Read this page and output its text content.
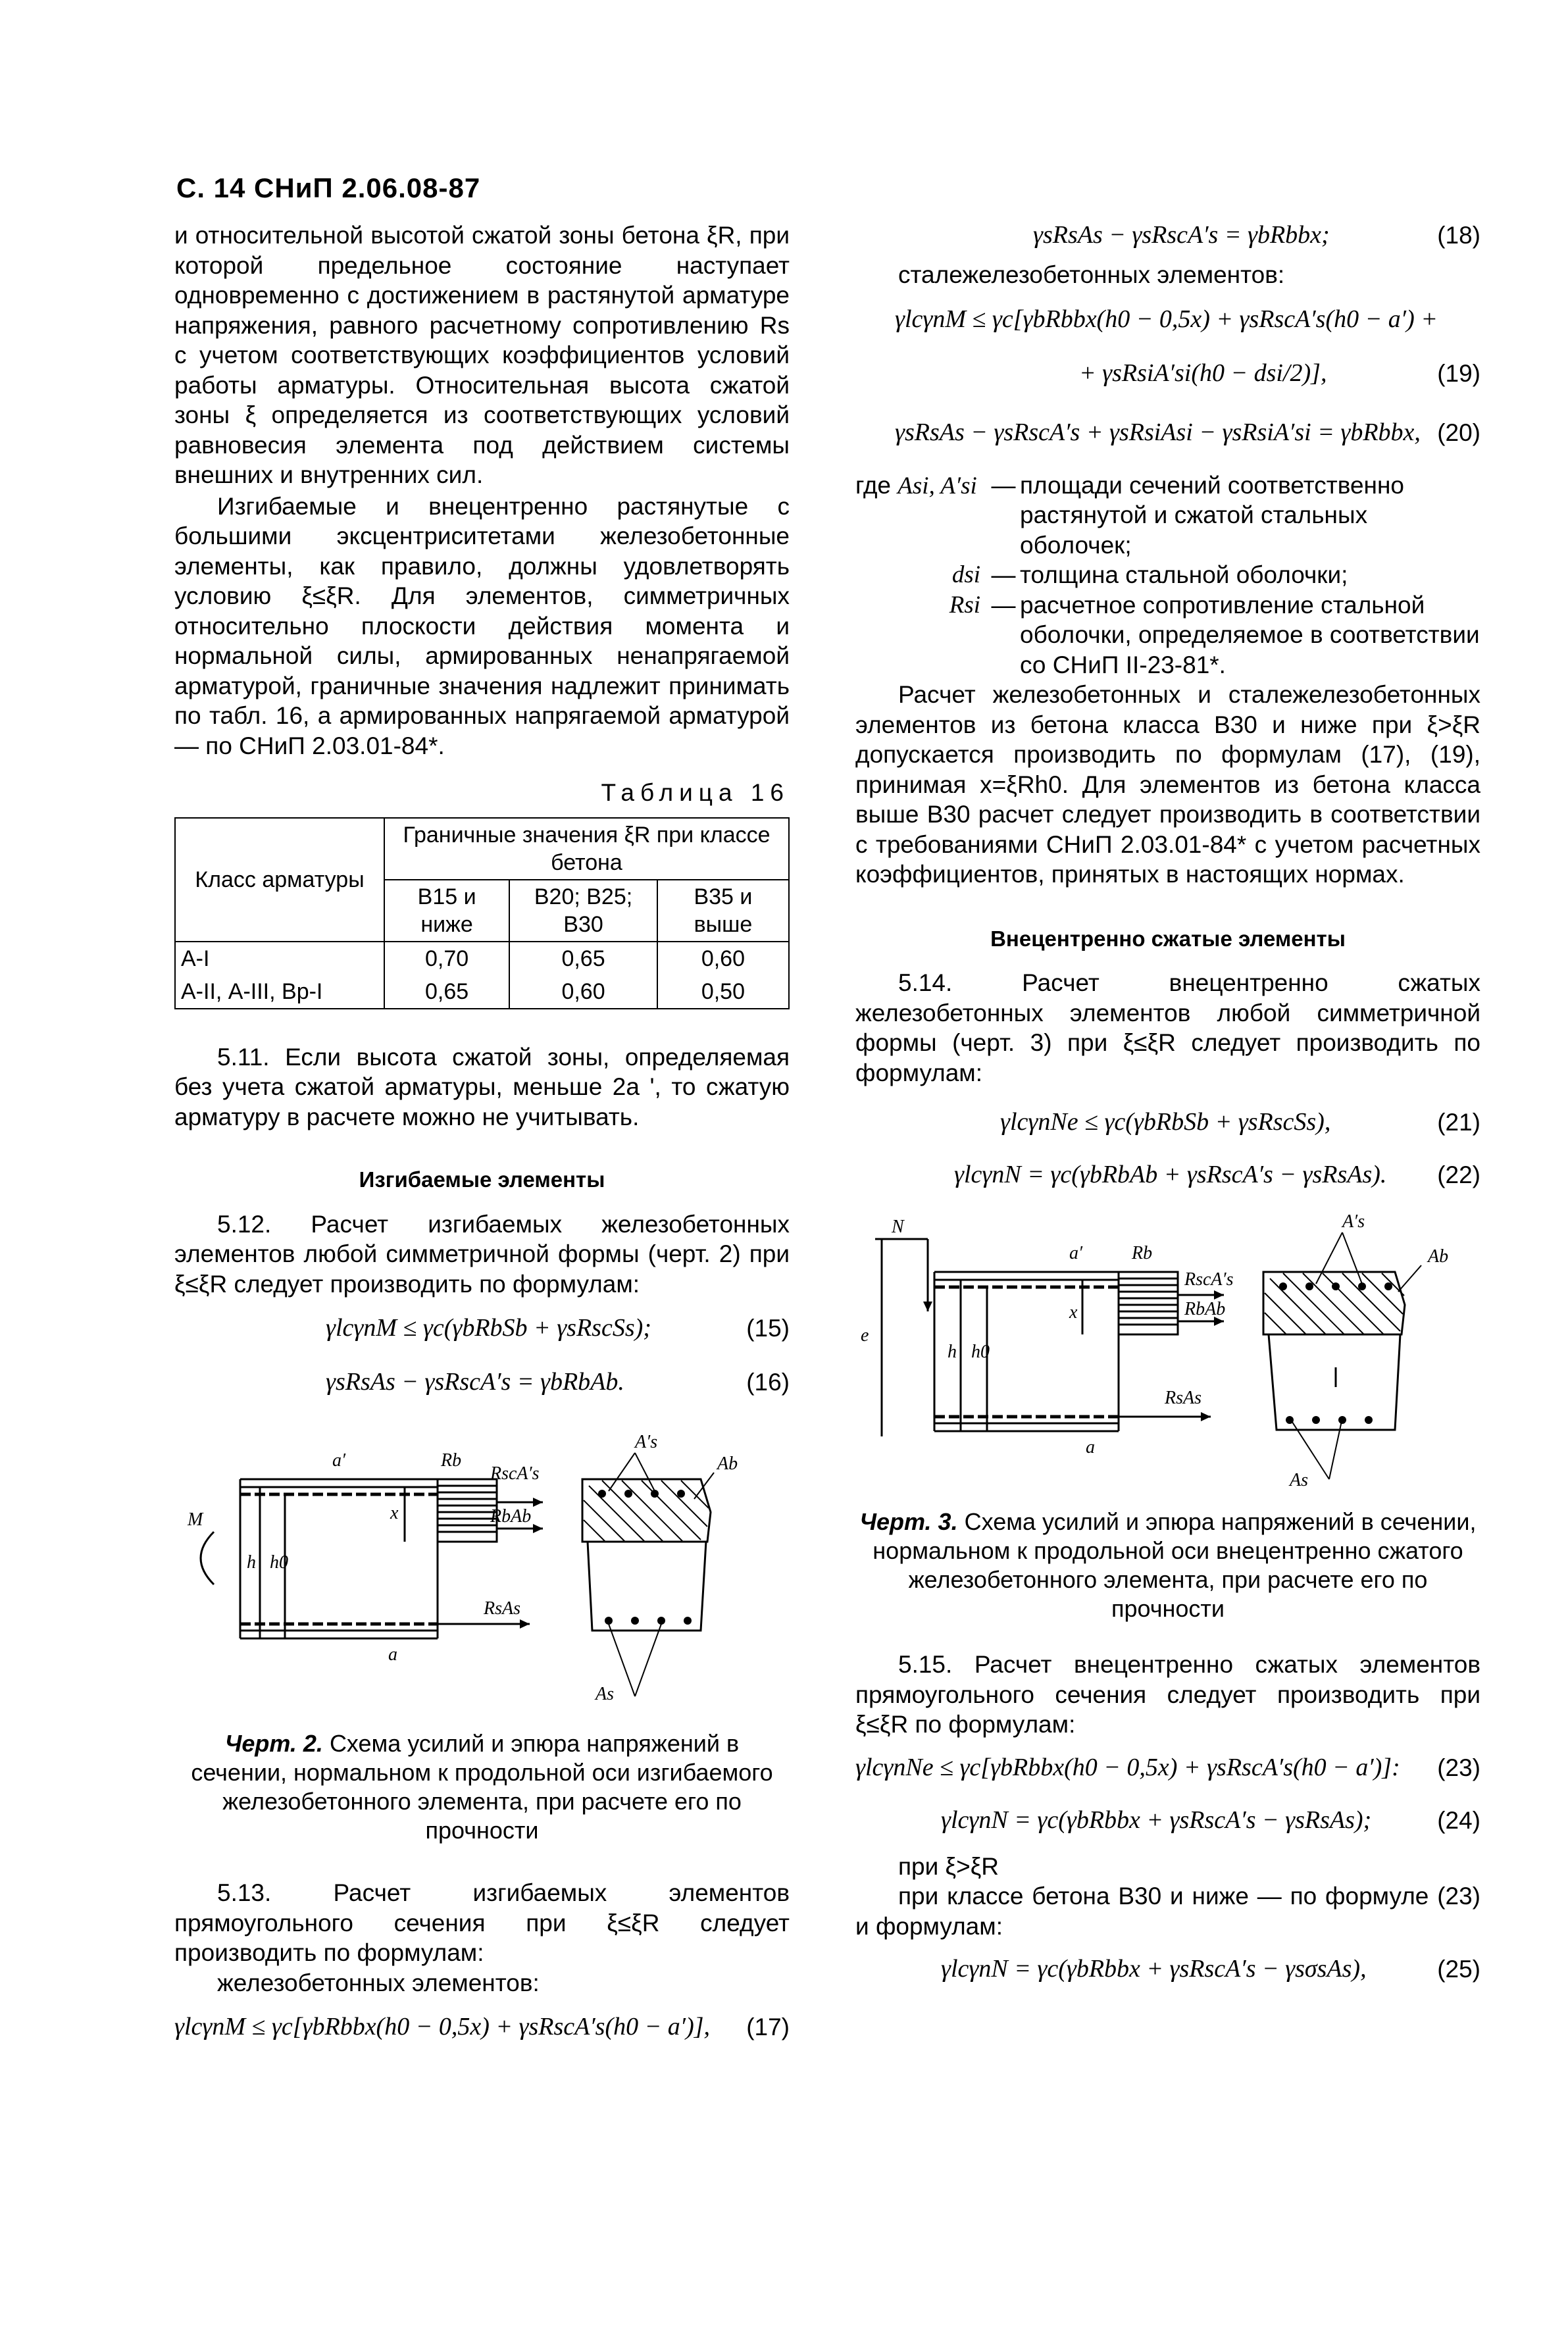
С. 14 СНиП 2.06.08-87

и относительной высотой сжатой зоны бетона ξR, при которой предельное состояние наступает одновременно с достижением в растянутой арматуре напряжения, равного расчетному сопротивлению Rs с учетом соответствующих коэффициентов условий работы арматуры. Относительная высота сжатой зоны ξ определяется из соответствующих условий равновесия элемента под действием системы внешних и внутренних сил.

Изгибаемые и внецентренно растянутые с большими эксцентриситетами железобетонные элементы, как правило, должны удовлетворять условию ξ≤ξR. Для элементов, симметричных относительно плоскости действия момента и нормальной силы, армированных ненапрягаемой арматурой, граничные значения надлежит принимать по табл. 16, а армированных напрягаемой арматурой — по СНиП 2.03.01-84*.

Таблица 16

Класс арматуры	Граничные значения ξR при классе бетона		
	В15 и ниже	В20; В25; В30	В35 и выше
А-I	0,70	0,65	0,60
А-II, А-III, Вр-I	0,65	0,60	0,50

5.11. Если высота сжатой зоны, определяемая без учета сжатой арматуры, меньше 2a ', то сжатую арматуру в расчете можно не учитывать.

Изгибаемые элементы

5.12. Расчет изгибаемых железобетонных элементов любой симметричной формы (черт. 2) при ξ≤ξR следует производить по формулам:

γlcγnM ≤ γc(γbRbSb + γsRscSs);	(15)
γsRsAs − γsRscA′s = γbRbAb.	(16)
M
a′	Rb
RscA′s
RbAb
RsAs
A′s
Ab
As
h h0
x
a

Черт. 2. Схема усилий и эпюра напряжений в сечении, нормальном к продольной оси изгибаемого железобетонного элемента, при расчете его по прочности

5.13. Расчет изгибаемых элементов прямоугольного сечения при ξ≤ξR следует производить по формулам:

железобетонных элементов:

γlcγnM ≤ γc[γbRbbx(h0 − 0,5x) + γsRscA′s(h0 − a′)], (17)
γsRsAs − γsRscA′s = γbRbbx;	(18)

сталежелезобетонных элементов:

γlcγnM ≤ γc[γbRbbx(h0 − 0,5x) + γsRscA′s(h0 − a′) +
+ γsRsiA′si(h0 − dsi/2)],	(19)
γsRsAs − γsRscA′s + γsRsiAsi − γsRsiA′si = γbRbbx, (20)
где Asi, A′si — площади сечений соответственно растянутой и сжатой стальных оболочек;
dsi — толщина стальной оболочки;
Rsi — расчетное сопротивление стальной оболочки, определяемое в соответствии со СНиП II-23-81*.

Расчет железобетонных и сталежелезобетонных элементов из бетона класса В30 и ниже при ξ>ξR допускается производить по формулам (17), (19), принимая x=ξRh0. Для элементов из бетона класса выше В30 расчет следует производить в соответствии с требованиями СНиП 2.03.01-84* с учетом расчетных коэффициентов, принятых в настоящих нормах.

Внецентренно сжатые элементы

5.14. Расчет внецентренно сжатых железобетонных элементов любой симметричной формы (черт. 3) при ξ≤ξR следует производить по формулам:

γlcγnNe ≤ γc(γbRbSb + γsRscSs),	(21)
γlcγnN = γc(γbRbAb + γsRscA′s − γsRsAs). (22)
N
a′	Rb
RscA′s
RbAb
RsAs
A′s
Ab
As
h h0
x
a
e

Черт. 3. Схема усилий и эпюра напряжений в сечении, нормальном к продольной оси внецентренно сжатого железобетонного элемента, при расчете его по прочности

5.15. Расчет внецентренно сжатых элементов прямоугольного сечения следует производить при ξ≤ξR по формулам:

γlcγnNe ≤ γc[γbRbbx(h0 − 0,5x) + γsRscA′s(h0 − a′)]: (23)
γlcγnN = γc(γbRbbx + γsRscA′s − γsRsAs);	(24)

при ξ>ξR

при классе бетона В30 и ниже — по формуле (23) и формулам:

γlcγnN = γc(γbRbbx + γsRscA′s − γsσsAs),	(25)
